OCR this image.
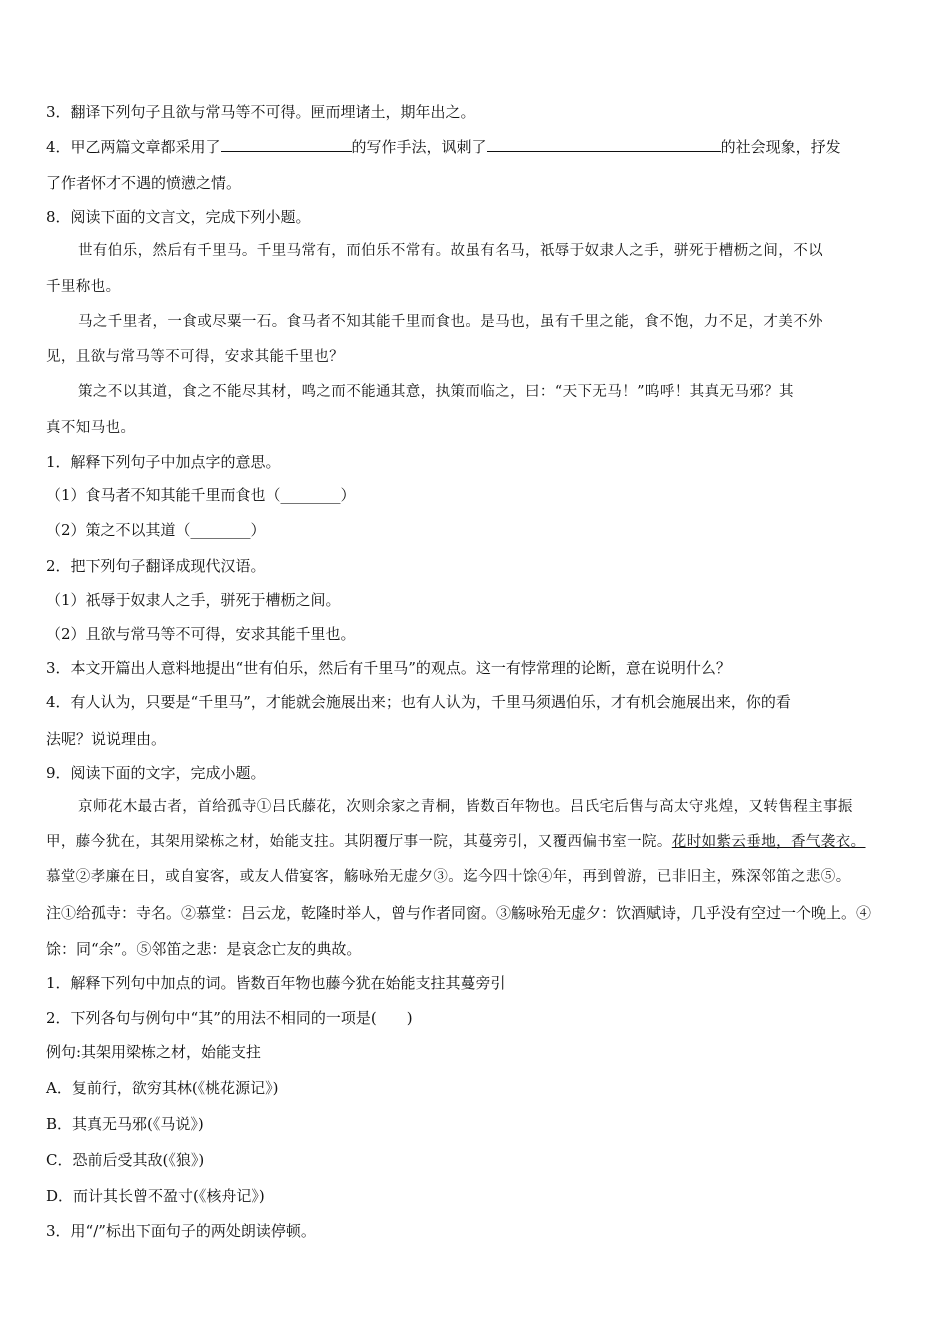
3．翻译下列句子且欲与常马等不可得。匣而埋诸土，期年出之。
4．甲乙两篇文章都采用了	的写作手法，讽刺了	的社会现象，抒发
了作者怀才不遇的愤懑之情。
8．阅读下面的文言文，完成下列小题。
世有伯乐，然后有千里马。千里马常有，而伯乐不常有。故虽有名马，祇辱于奴隶人之手，骈死于槽枥之间，不以
千里称也。
马之千里者，一食或尽粟一石。食马者不知其能千里而食也。是马也，虽有千里之能，食不饱，力不足，才美不外
见，且欲与常马等不可得，安求其能千里也？
策之不以其道，食之不能尽其材，鸣之而不能通其意，执策而临之，曰：“天下无马！”呜呼！其真无马邪？其
真不知马也。
1．解释下列句子中加点字的意思。
（1）食马者不知其能千里而食也（________）
（2）策之不以其道（________）
2．把下列句子翻译成现代汉语。
（1）祇辱于奴隶人之手，骈死于槽枥之间。
（2）且欲与常马等不可得，安求其能千里也。
3．本文开篇出人意料地提出“世有伯乐，然后有千里马”的观点。这一有悖常理的论断，意在说明什么？
4．有人认为，只要是“千里马”，才能就会施展出来；也有人认为，千里马须遇伯乐，才有机会施展出来，你的看
法呢？说说理由。
9．阅读下面的文字，完成小题。
京师花木最古者，首给孤寺①吕氏藤花，次则余家之青桐，皆数百年物也。吕氏宅后售与高太守兆煌，又转售程主事振
甲，藤今犹在，其架用梁栋之材，始能支拄。其阴覆厅事一院，其蔓旁引，又覆西偏书室一院。花时如紫云垂地，香气袭衣。
慕堂②孝廉在日，或自宴客，或友人借宴客，觞咏殆无虚夕③。迄今四十馀④年，再到曾游，已非旧主，殊深邻笛之悲⑤。
注①给孤寺：寺名。②慕堂：吕云龙，乾隆时举人，曾与作者同窗。③觞咏殆无虚夕：饮酒赋诗，几乎没有空过一个晚上。④
馀：同“余”。⑤邻笛之悲：是哀念亡友的典故。
1．解释下列句中加点的词。皆数百年物也藤今犹在始能支拄其蔓旁引
2．下列各句与例句中“其”的用法不相同的一项是(　　)
例句:其架用梁栋之材，始能支拄
A．复前行，欲穷其林(《桃花源记》)
B．其真无马邪(《马说》)
C．恐前后受其敌(《狼》)
D．而计其长曾不盈寸(《核舟记》)
3．用“/”标出下面句子的两处朗读停顿。
